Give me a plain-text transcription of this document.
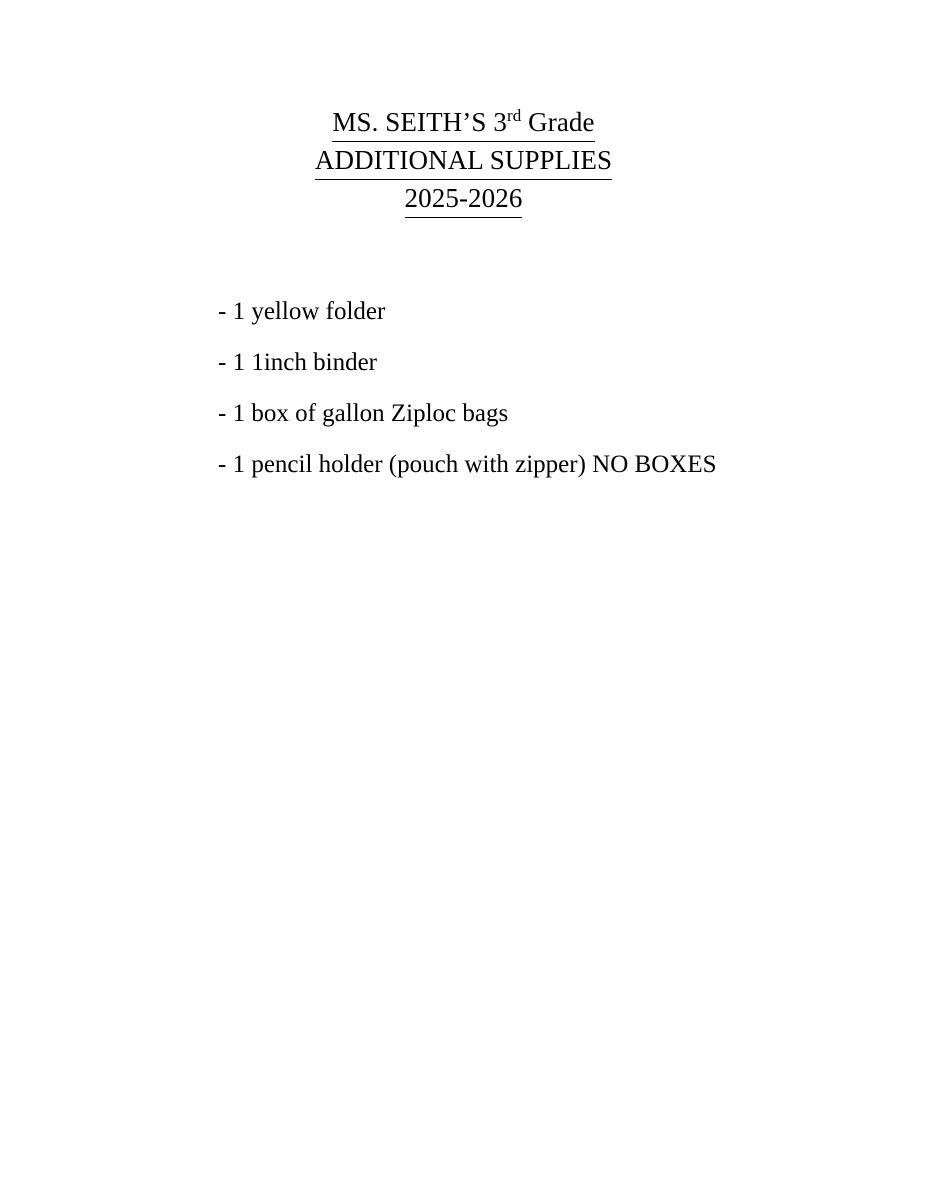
MS. SEITH’S 3rd Grade
ADDITIONAL SUPPLIES
2025-2026
- 1 yellow folder
- 1 1inch binder
- 1 box of gallon Ziploc bags
- 1 pencil holder (pouch with zipper) NO BOXES
